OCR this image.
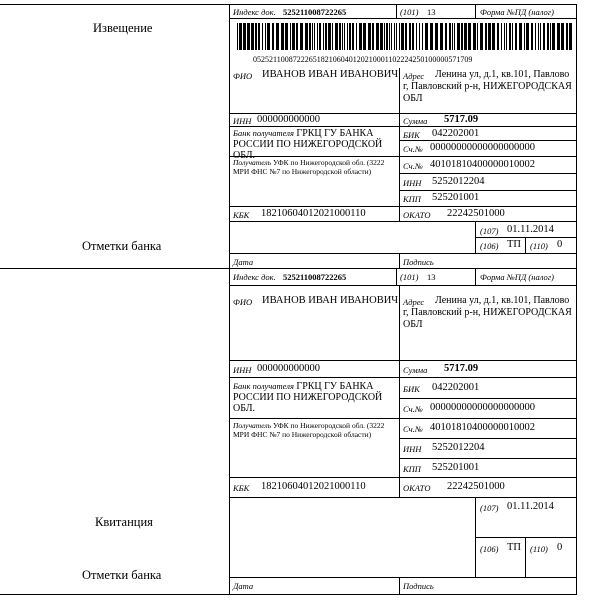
Извещение
Отметки банка
Индекс док. 525211008722265	(101) 13	Форма №ПД (налог)
0525211008722265182106040120210001102224250100000571709
ФИО ИВАНОВ ИВАН ИВАНОВИЧ Адрес	Ленина ул, д.1, кв.101, Павлово г, Павловский р-н, НИЖЕГОРОДСКАЯ ОБЛ
ИНН 000000000000	Сумма 5717.09
Банк получателя ГРКЦ ГУ БАНКА РОССИИ ПО НИЖЕГОРОДСКОЙ ОБЛ.
БИК 042202001
Сч.№ 00000000000000000000
Получатель УФК по Нижегородской обл. (3222 МРИ ФНС №7 по Нижегородской области)
Сч.№ 40101810400000010002
ИНН 5252012204
КПП 525201001
КБК 18210604012021000110	ОКАТО 22242501000
(107) 01.11.2014
(106) ТП (110) 0
Дата	Подпись
Квитанция
Отметки банка
Индекс док. 525211008722265	(101) 13	Форма №ПД (налог)
ФИО ИВАНОВ ИВАН ИВАНОВИЧ Адрес	Ленина ул, д.1, кв.101, Павлово г, Павловский р-н, НИЖЕГОРОДСКАЯ ОБЛ
ИНН 000000000000	Сумма 5717.09
Банк получателя ГРКЦ ГУ БАНКА РОССИИ ПО НИЖЕГОРОДСКОЙ ОБЛ.
БИК 042202001
Сч.№ 00000000000000000000
Получатель УФК по Нижегородской обл. (3222 МРИ ФНС №7 по Нижегородской области)
Сч.№ 40101810400000010002
ИНН 5252012204
КПП 525201001
КБК 18210604012021000110	ОКАТО 22242501000
(107) 01.11.2014
(106) ТП (110) 0
Дата	Подпись
